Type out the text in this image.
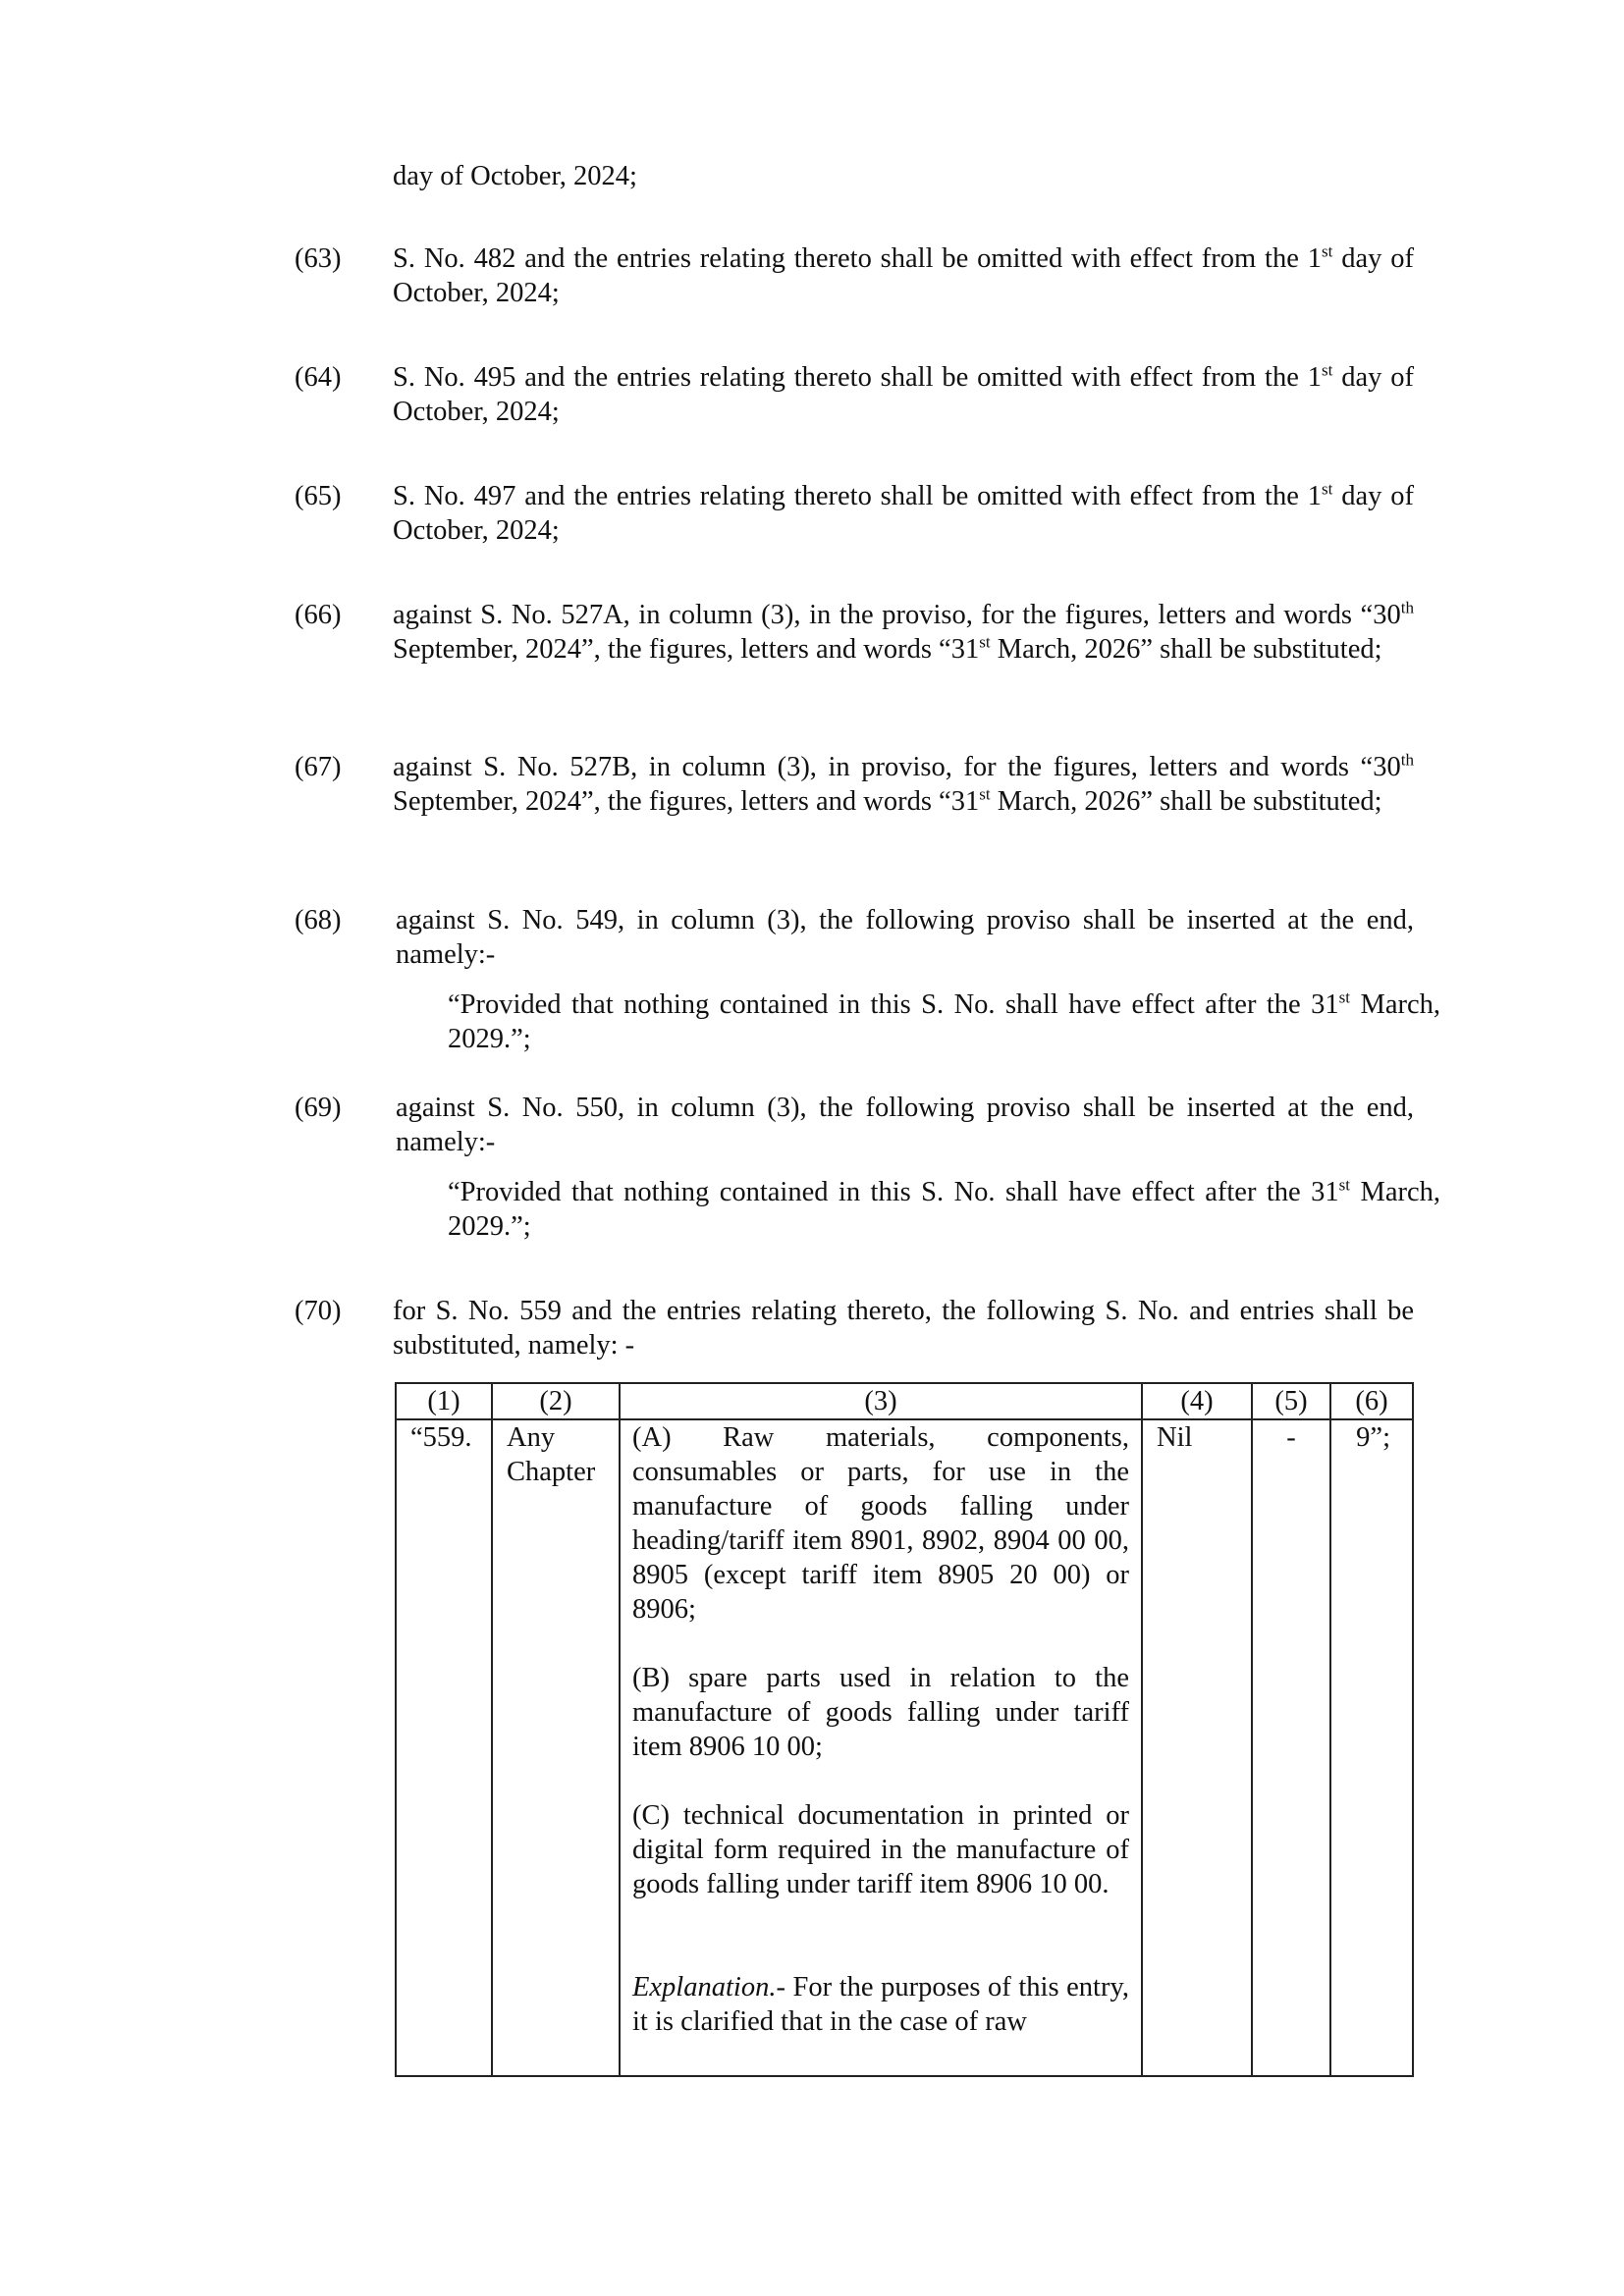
day of October, 2024;
(63)	S. No. 482 and the entries relating thereto shall be omitted with effect from the 1st day of October, 2024;
(64)	S. No. 495 and the entries relating thereto shall be omitted with effect from the 1st day of October, 2024;
(65)	S. No. 497 and the entries relating thereto shall be omitted with effect from the 1st day of October, 2024;
(66)	against S. No. 527A, in column (3), in the proviso, for the figures, letters and words “30th September, 2024”, the figures, letters and words “31st March, 2026” shall be substituted;
(67)	against S. No. 527B, in column (3), in proviso, for the figures, letters and words “30th September, 2024”, the figures, letters and words “31st March, 2026” shall be substituted;
(68)	against S. No. 549, in column (3), the following proviso shall be inserted at the end, namely:-
“Provided that nothing contained in this S. No. shall have effect after the 31st March, 2029.”;
(69)	against S. No. 550, in column (3), the following proviso shall be inserted at the end, namely:-
“Provided that nothing contained in this S. No. shall have effect after the 31st March, 2029.”;
(70)	for S. No. 559 and the entries relating thereto, the following S. No. and entries shall be substituted, namely: -
(1)	(2)	(3)	(4)	(5)	(6)
“559.	Any Chapter	(A) Raw materials, components, consumables or parts, for use in the manufacture of goods falling under heading/tariff item 8901, 8902, 8904 00 00, 8905 (except tariff item 8905 20 00) or 8906;

(B) spare parts used in relation to the manufacture of goods falling under tariff item 8906 10 00;

(C) technical documentation in printed or digital form required in the manufacture of goods falling under tariff item 8906 10 00.

Explanation.- For the purposes of this entry, it is clarified that in the case of raw	Nil	-	9”;
